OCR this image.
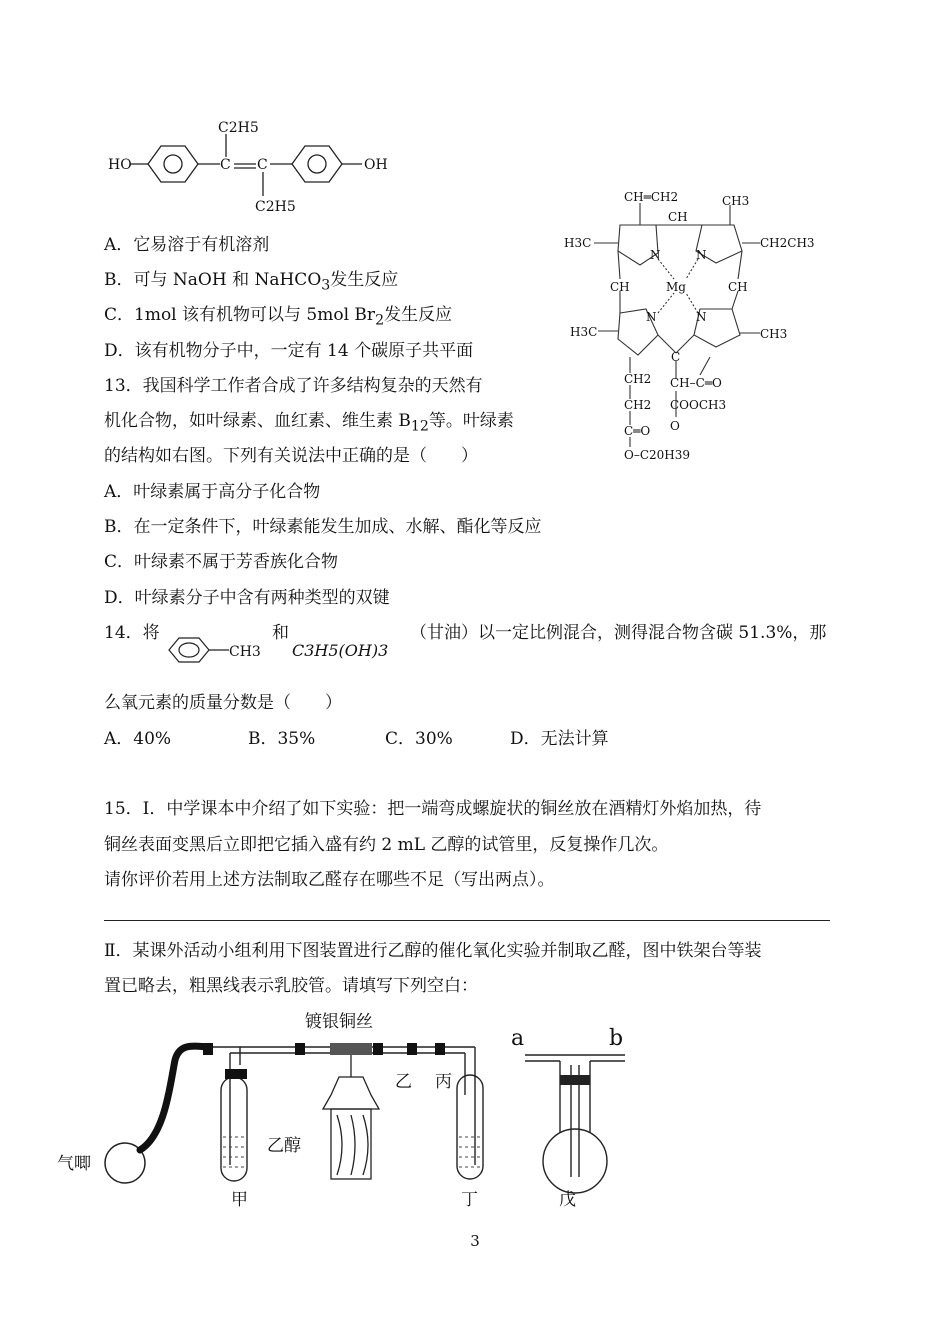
HO	C C
C2H5
C2H5
OH
A．它易溶于有机溶剂
B．可与 NaOH 和 NaHCO$_3$发生反应
C．1mol 该有机物可以与 5mol $Br_2$发生反应
D．该有机物分子中，一定有 14 个碳原子共平面
13．我国科学工作者合成了许多结构复杂的天然有
机化合物，如叶绿素、血红素、维生素 $B_{12}$等。叶绿素
的结构如右图。下列有关说法中正确的是（　　）
A．叶绿素属于高分子化合物
B．在一定条件下，叶绿素能发生加成、水解、酯化等反应
C．叶绿素不属于芳香族化合物
D．叶绿素分子中含有两种类型的双键
CH═CH2
CH
CH3
H3C	CH2CH3
N	N
CH	Mg	CH
N	N
H3C	CH3
C
CH2 CH–C═O
CH2 COOCH3
O
C═O
O–C20H39
14．将
CH3
和
C3H5(OH)3
（甘油）以一定比例混合，测得混合物含碳 51.3%，那
么氧元素的质量分数是（　　）
A．40%	B．35%	C．30%	D．无法计算
15．Ⅰ．中学课本中介绍了如下实验：把一端弯成螺旋状的铜丝放在酒精灯外焰加热，待
铜丝表面变黑后立即把它插入盛有约 2 mL 乙醇的试管里，反复操作几次。
请你评价若用上述方法制取乙醛存在哪些不足（写出两点）。
Ⅱ．某课外活动小组利用下图装置进行乙醇的催化氧化实验并制取乙醛，图中铁架台等装
置已略去，粗黑线表示乳胶管。请填写下列空白：
镀银铜丝
乙 丙
乙醇
气唧
甲	丁	戊
a	b
3
